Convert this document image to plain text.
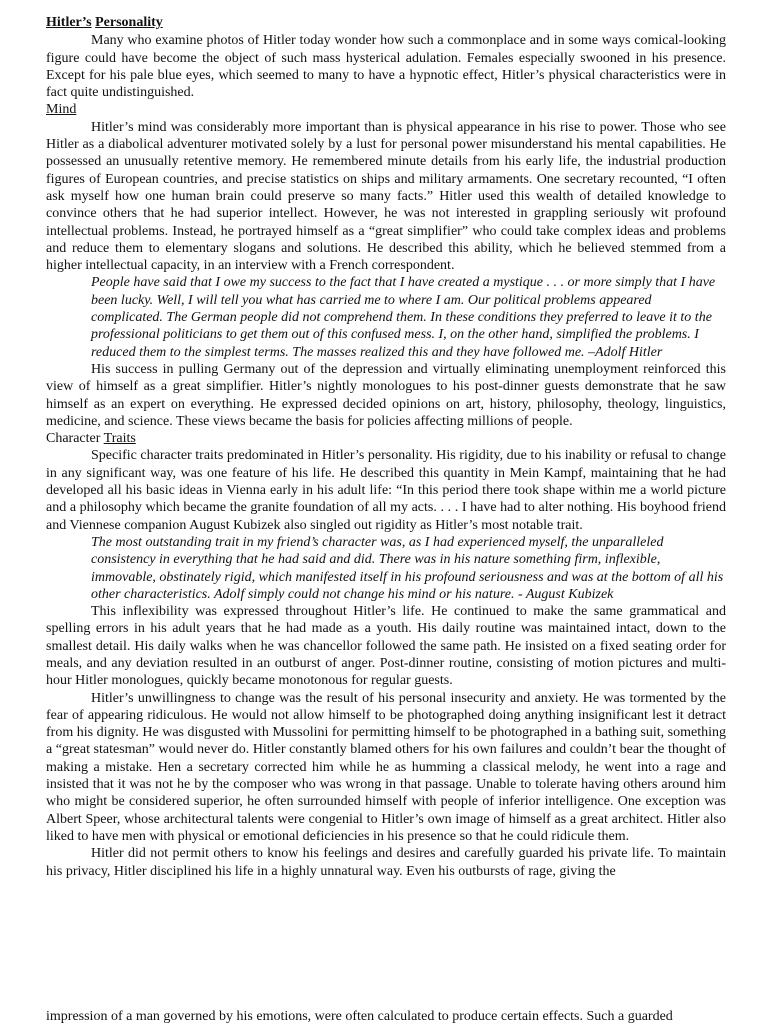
Hitler’s Personality

Many who examine photos of Hitler today wonder how such a commonplace and in some ways comical-looking figure could have become the object of such mass hysterical adulation. Females especially swooned in his presence. Except for his pale blue eyes, which seemed to many to have a hypnotic effect, Hitler’s physical characteristics were in fact quite undistinguished.

Mind

Hitler’s mind was considerably more important than is physical appearance in his rise to power. Those who see Hitler as a diabolical adventurer motivated solely by a lust for personal power misunderstand his mental capabilities. He possessed an unusually retentive memory. He remembered minute details from his early life, the industrial production figures of European countries, and precise statistics on ships and military armaments. One secretary recounted, “I often ask myself how one human brain could preserve so many facts.” Hitler used this wealth of detailed knowledge to convince others that he had superior intellect. However, he was not interested in grappling seriously wit profound intellectual problems. Instead, he portrayed himself as a “great simplifier” who could take complex ideas and problems and reduce them to elementary slogans and solutions. He described this ability, which he believed stemmed from a higher intellectual capacity, in an interview with a French correspondent.

People have said that I owe my success to the fact that I have created a mystique . . . or more simply that I have been lucky. Well, I will tell you what has carried me to where I am. Our political problems appeared complicated. The German people did not comprehend them. In these conditions they preferred to leave it to the professional politicians to get them out of this confused mess. I, on the other hand, simplified the problems. I reduced them to the simplest terms. The masses realized this and they have followed me. –Adolf Hitler

His success in pulling Germany out of the depression and virtually eliminating unemployment reinforced this view of himself as a great simplifier. Hitler’s nightly monologues to his post-dinner guests demonstrate that he saw himself as an expert on everything. He expressed decided opinions on art, history, philosophy, theology, linguistics, medicine, and science. These views became the basis for policies affecting millions of people.

Character Traits

Specific character traits predominated in Hitler’s personality. His rigidity, due to his inability or refusal to change in any significant way, was one feature of his life. He described this quantity in Mein Kampf, maintaining that he had developed all his basic ideas in Vienna early in his adult life: “In this period there took shape within me a world picture and a philosophy which became the granite foundation of all my acts. . . . I have had to alter nothing. His boyhood friend and Viennese companion August Kubizek also singled out rigidity as Hitler’s most notable trait.

The most outstanding trait in my friend’s character was, as I had experienced myself, the unparalleled consistency in everything that he had said and did. There was in his nature something firm, inflexible, immovable, obstinately rigid, which manifested itself in his profound seriousness and was at the bottom of all his other characteristics. Adolf simply could not change his mind or his nature. - August Kubizek

This inflexibility was expressed throughout Hitler’s life. He continued to make the same grammatical and spelling errors in his adult years that he had made as a youth. His daily routine was maintained intact, down to the smallest detail. His daily walks when he was chancellor followed the same path. He insisted on a fixed seating order for meals, and any deviation resulted in an outburst of anger. Post-dinner routine, consisting of motion pictures and multi-hour Hitler monologues, quickly became monotonous for regular guests.

Hitler’s unwillingness to change was the result of his personal insecurity and anxiety. He was tormented by the fear of appearing ridiculous. He would not allow himself to be photographed doing anything insignificant lest it detract from his dignity. He was disgusted with Mussolini for permitting himself to be photographed in a bathing suit, something a “great statesman” would never do. Hitler constantly blamed others for his own failures and couldn’t bear the thought of making a mistake. Hen a secretary corrected him while he as humming a classical melody, he went into a rage and insisted that it was not he by the composer who was wrong in that passage. Unable to tolerate having others around him who might be considered superior, he often surrounded himself with people of inferior intelligence. One exception was Albert Speer, whose architectural talents were congenial to Hitler’s own image of himself as a great architect. Hitler also liked to have men with physical or emotional deficiencies in his presence so that he could ridicule them.

Hitler did not permit others to know his feelings and desires and carefully guarded his private life. To maintain his privacy, Hitler disciplined his life in a highly unnatural way. Even his outbursts of rage, giving the

impression of a man governed by his emotions, were often calculated to produce certain effects. Such a guarded
